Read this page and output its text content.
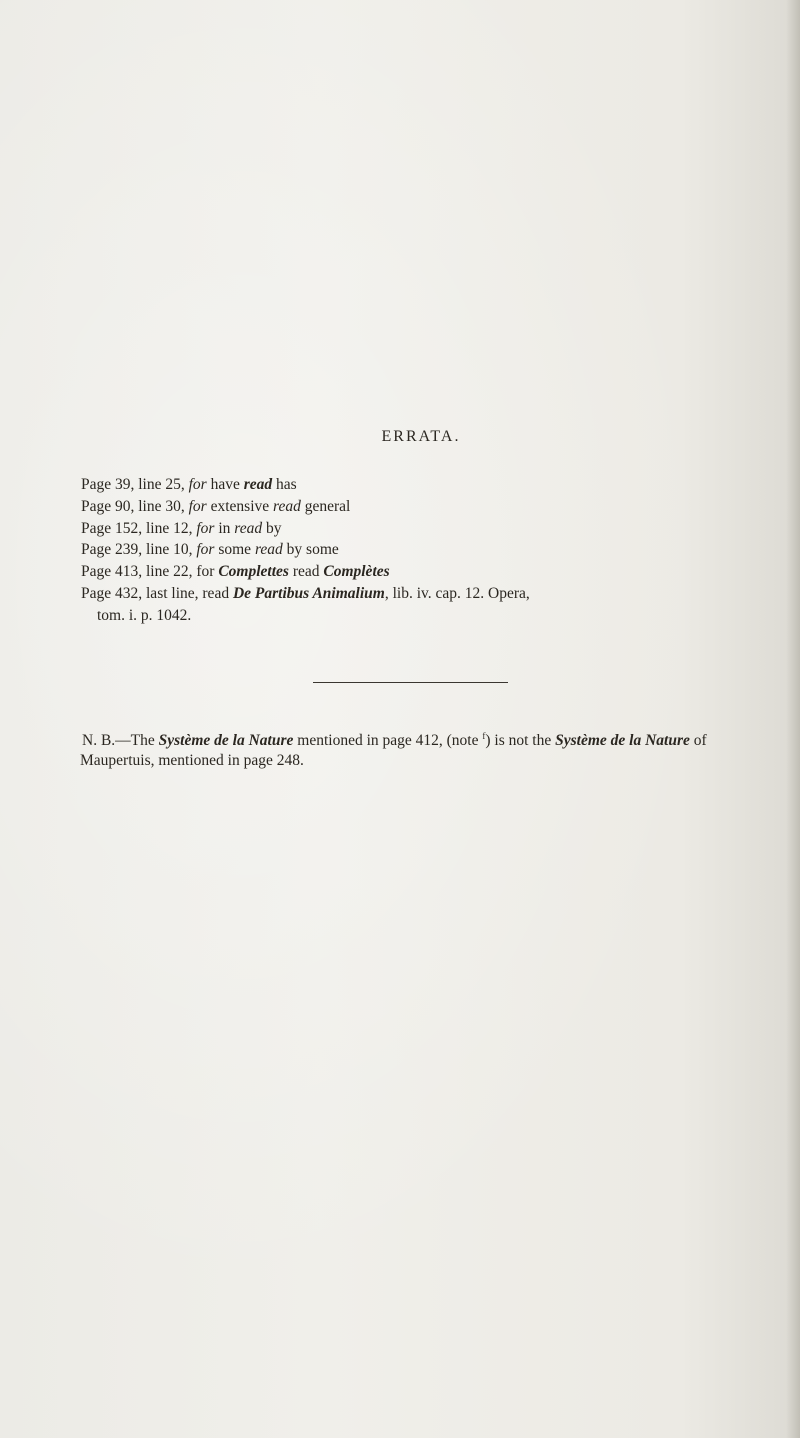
ERRATA.

Page 39, line 25, for have read has

Page 90, line 30, for extensive read general

Page 152, line 12, for in read by

Page 239, line 10, for some read by some

Page 413, line 22, for Complettes read Complètes

Page 432, last line, read De Partibus Animalium, lib. iv. cap. 12. Opera,

tom. i. p. 1042.

N. B.—The Système de la Nature mentioned in page 412, (note $^f$) is not the Système de la Nature of Maupertuis, mentioned in page 248.
